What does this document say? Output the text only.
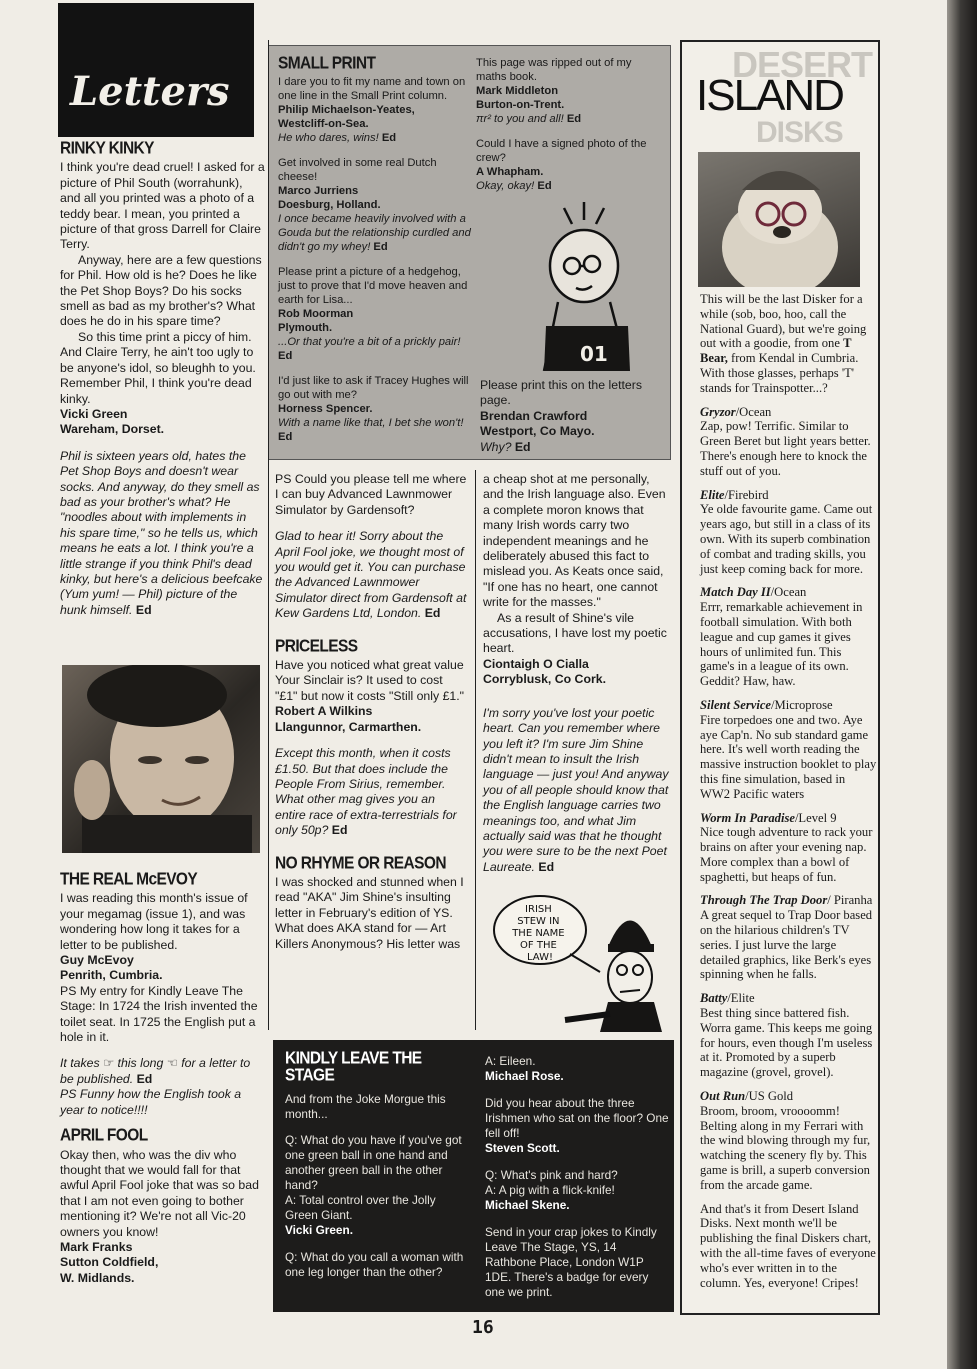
Letters
RINKY KINKY

I think you're dead cruel! I asked for a picture of Phil South (worrahunk), and all you printed was a photo of a teddy bear. I mean, you printed a picture of that gross Darrell for Claire Terry.

Anyway, here are a few questions for Phil. How old is he? Does he like the Pet Shop Boys? Do his socks smell as bad as my brother's? What does he do in his spare time?

So this time print a piccy of him. And Claire Terry, he ain't too ugly to be anyone's idol, so bleughh to you. Remember Phil, I think you're dead kinky.

Vicki Green
Wareham, Dorset.

Phil is sixteen years old, hates the Pet Shop Boys and doesn't wear socks. And anyway, do they smell as bad as your brother's what? He "noodles about with implements in his spare time," so he tells us, which means he eats a lot. I think you're a little strange if you think Phil's dead kinky, but here's a delicious beefcake (Yum yum! — Phil) picture of the hunk himself. Ed

THE REAL McEVOY

I was reading this month's issue of your megamag (issue 1), and was wondering how long it takes for a letter to be published.

Guy McEvoy
Penrith, Cumbria.

PS My entry for Kindly Leave The Stage: In 1724 the Irish invented the toilet seat. In 1725 the English put a hole in it.

It takes ☞ this long ☜ for a letter to be published. Ed

PS Funny how the English took a year to notice!!!!

APRIL FOOL

Okay then, who was the div who thought that we would fall for that awful April Fool joke that was so bad that I am not even going to bother mentioning it? We're not all Vic-20 owners you know!

Mark Franks
Sutton Coldfield,
W. Midlands.
SMALL PRINT
I dare you to fit my name and town on one line in the Small Print column.
Philip Michaelson-Yeates,
Westcliff-on-Sea.

He who dares, wins! Ed

Get involved in some real Dutch cheese!
Marco Jurriens
Doesburg, Holland.

I once became heavily involved with a Gouda but the relationship curdled and didn't go my whey! Ed

Please print a picture of a hedgehog, just to prove that I'd move heaven and earth for Lisa...
Rob Moorman
Plymouth.

...Or that you're a bit of a prickly pair! Ed

I'd just like to ask if Tracey Hughes will go out with me?
Horness Spencer.

With a name like that, I bet she won't! Ed

This page was ripped out of my maths book.
Mark Middleton
Burton-on-Trent.

πr² to you and all! Ed

Could I have a signed photo of the crew?
A Whapham.

Okay, okay! Ed

01
Please print this on the letters page.
Brendan Crawford
Westport, Co Mayo.
Why? Ed

PS Could you please tell me where I can buy Advanced Lawnmower Simulator by Gardensoft?

Glad to hear it! Sorry about the April Fool joke, we thought most of you would get it. You can purchase the Advanced Lawnmower Simulator direct from Gardensoft at Kew Gardens Ltd, London. Ed

PRICELESS
Have you noticed what great value Your Sinclair is? It used to cost "£1" but now it costs "Still only £1."
Robert A Wilkins
Llangunnor, Carmarthen.

Except this month, when it costs £1.50. But that does include the People From Sirius, remember. What other mag gives you an entire race of extra-terrestrials for only 50p? Ed

NO RHYME OR REASON
I was shocked and stunned when I read "AKA" Jim Shine's insulting letter in February's edition of YS. What does AKA stand for — Art Killers Anonymous? His letter was
a cheap shot at me personally, and the Irish language also. Even a complete moron knows that many Irish words carry two independent meanings and he deliberately abused this fact to mislead you. As Keats once said, "If one has no heart, one cannot write for the masses."
As a result of Shine's vile accusations, I have lost my poetic heart.
Ciontaigh O Cialla
Corryblusk, Co Cork.

I'm sorry you've lost your poetic heart. Can you remember where you left it? I'm sure Jim Shine didn't mean to insult the Irish language — just you! And anyway you of all people should know that the English language carries two meanings too, and what Jim actually said was that he thought you were sure to be the next Poet Laureate. Ed

IRISH STEW IN THE NAME OF THE LAW!
KINDLY LEAVE THE STAGE

And from the Joke Morgue this month...

Q: What do you have if you've got one green ball in one hand and another green ball in the other hand?
A: Total control over the Jolly Green Giant.
Vicki Green.
Q: What do you call a woman with one leg longer than the other?
A: Eileen.
Michael Rose.
Did you hear about the three Irishmen who sat on the floor? One fell off!
Steven Scott.
Q: What's pink and hard?
A: A pig with a flick-knife!
Michael Skene.
Send in your crap jokes to Kindly Leave The Stage, YS, 14 Rathbone Place, London W1P 1DE. There's a badge for every one we print.
DESERT
ISLAND
DISKS

This will be the last Disker for a while (sob, boo, hoo, call the National Guard), but we're going out with a goodie, from one T Bear, from Kendal in Cumbria. With those glasses, perhaps 'T' stands for Trainspotter...?

Gryzor/Ocean
Zap, pow! Terrific. Similar to Green Beret but light years better. There's enough here to knock the stuff out of you.

Elite/Firebird
Ye olde favourite game. Came out years ago, but still in a class of its own. With its superb combination of combat and trading skills, you just keep coming back for more.

Match Day II/Ocean
Errr, remarkable achievement in football simulation. With both league and cup games it gives hours of unlimited fun. This game's in a league of its own. Geddit? Haw, haw.

Silent Service/Microprose
Fire torpedoes one and two. Aye aye Cap'n. No sub standard game here. It's well worth reading the massive instruction booklet to play this fine simulation, based in WW2 Pacific waters

Worm In Paradise/Level 9
Nice tough adventure to rack your brains on after your evening nap. More complex than a bowl of spaghetti, but heaps of fun.

Through The Trap Door/ Piranha
A great sequel to Trap Door based on the hilarious children's TV series. I just lurve the large detailed graphics, like Berk's eyes spinning when he falls.

Batty/Elite
Best thing since battered fish. Worra game. This keeps me going for hours, even though I'm useless at it. Promoted by a superb magazine (grovel, grovel).

Out Run/US Gold
Broom, broom, vroooomm! Belting along in my Ferrari with the wind blowing through my fur, watching the scenery fly by. This game is brill, a superb conversion from the arcade game.

And that's it from Desert Island Disks. Next month we'll be publishing the final Diskers chart, with the all-time faves of everyone who's ever written in to the column. Yes, everyone! Cripes!

16
